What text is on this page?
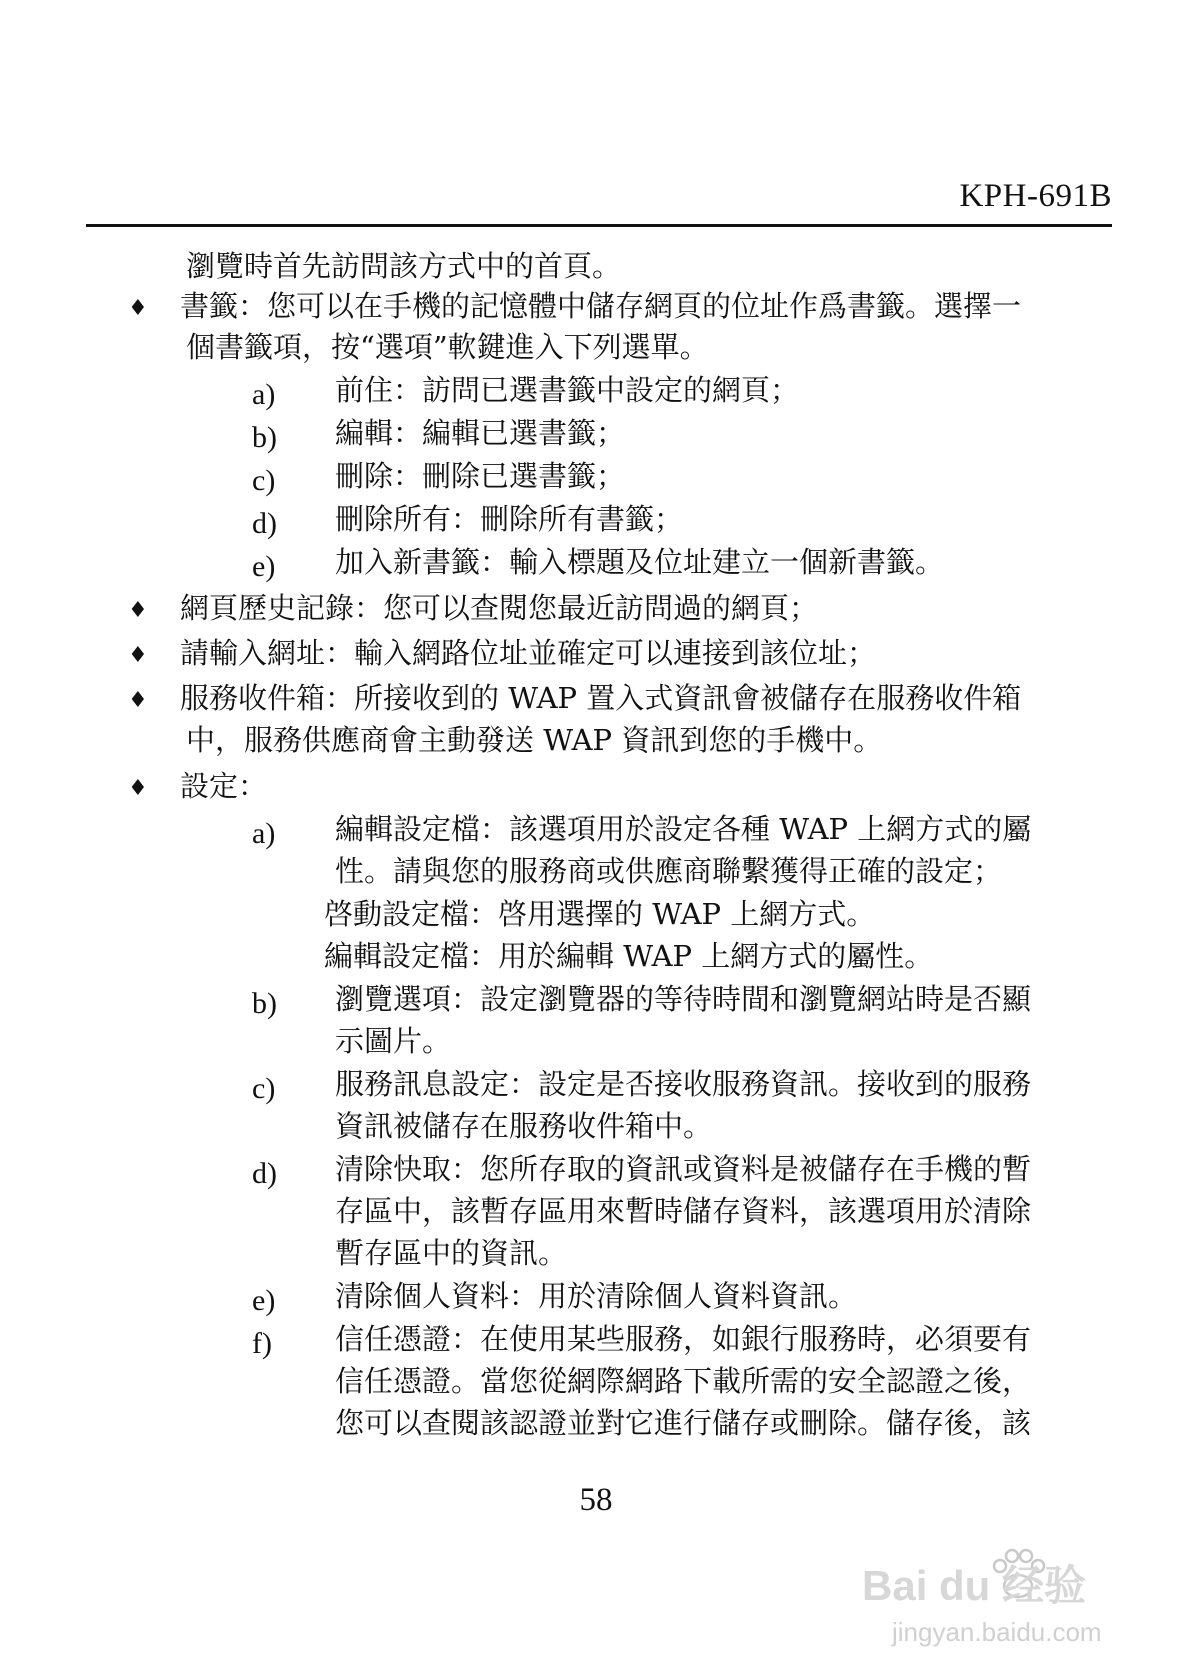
KPH-691B
瀏覽時首先訪問該方式中的首頁。
♦ 書籤：您可以在手機的記憶體中儲存網頁的位址作爲書籤。選擇一
個書籤項，按“選項”軟鍵進入下列選單。
a) 前住：訪問已選書籤中設定的網頁；
b) 編輯：編輯已選書籤；
c) 刪除：刪除已選書籤；
d) 刪除所有：刪除所有書籤；
e) 加入新書籤：輸入標題及位址建立一個新書籤。
♦ 網頁歷史記錄：您可以查閱您最近訪問過的網頁；
♦ 請輸入網址：輸入網路位址並確定可以連接到該位址；
♦ 服務收件箱：所接收到的 WAP 置入式資訊會被儲存在服務收件箱
中，服務供應商會主動發送 WAP 資訊到您的手機中。
♦ 設定：
a) 編輯設定檔：該選項用於設定各種 WAP 上網方式的屬
性。請與您的服務商或供應商聯繫獲得正確的設定；
啓動設定檔：啓用選擇的 WAP 上網方式。
編輯設定檔：用於編輯 WAP 上網方式的屬性。
b) 瀏覽選項：設定瀏覽器的等待時間和瀏覽網站時是否顯
示圖片。
c) 服務訊息設定：設定是否接收服務資訊。接收到的服務
資訊被儲存在服務收件箱中。
d) 清除快取：您所存取的資訊或資料是被儲存在手機的暫
存區中，該暫存區用來暫時儲存資料，該選項用於清除
暫存區中的資訊。
e) 清除個人資料：用於清除個人資料資訊。
f) 信任憑證：在使用某些服務，如銀行服務時，必須要有
信任憑證。當您從網際網路下載所需的安全認證之後，
您可以查閱該認證並對它進行儲存或刪除。儲存後，該
58
Bai du 经验
jingyan.baidu.com
